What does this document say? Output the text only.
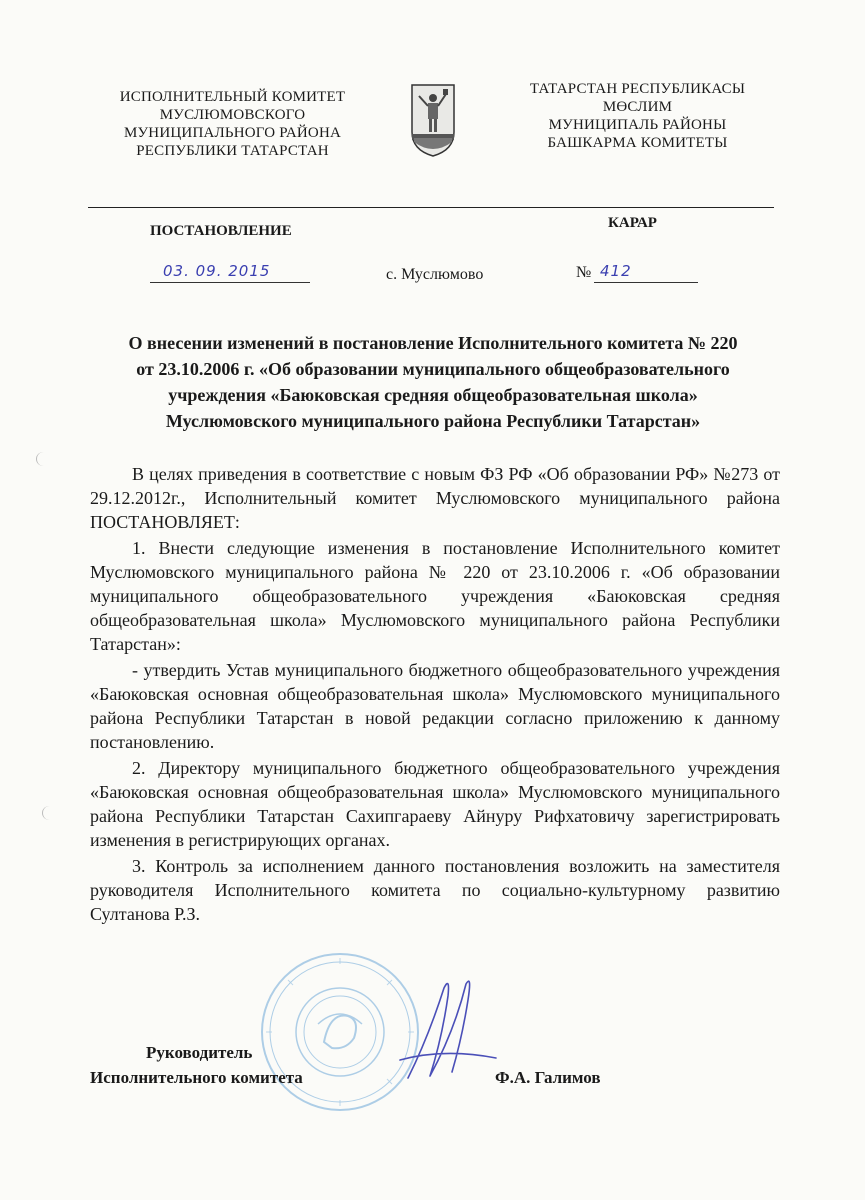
ИСПОЛНИТЕЛЬНЫЙ КОМИТЕТ
МУСЛЮМОВСКОГО
МУНИЦИПАЛЬНОГО РАЙОНА
РЕСПУБЛИКИ ТАТАРСТАН
ТАТАРСТАН РЕСПУБЛИКАСЫ
МӨСЛИМ
МУНИЦИПАЛЬ РАЙОНЫ
БАШКАРМА КОМИТЕТЫ
ПОСТАНОВЛЕНИЕ	КАРАР
03. 09. 2015	с. Муслюмово	№ 412
О внесении изменений в постановление Исполнительного комитета № 220
от 23.10.2006 г. «Об образовании муниципального общеобразовательного
учреждения «Баюковская средняя общеобразовательная школа»
Муслюмовского муниципального района Республики Татарстан»

В целях приведения в соответствие с новым ФЗ РФ «Об образовании РФ» №273 от 29.12.2012г., Исполнительный комитет Муслюмовского муниципального района ПОСТАНОВЛЯЕТ:

1. Внести следующие изменения в постановление Исполнительного комитет Муслюмовского муниципального района № 220 от 23.10.2006 г. «Об образовании муниципального общеобразовательного учреждения «Баюковская средняя общеобразовательная школа» Муслюмовского муниципального района Республики Татарстан»:

- утвердить Устав муниципального бюджетного общеобразовательного учреждения «Баюковская основная общеобразовательная школа» Муслюмовского муниципального района Республики Татарстан в новой редакции согласно приложению к данному постановлению.

2. Директору муниципального бюджетного общеобразовательного учреждения «Баюковская основная общеобразовательная школа» Муслюмовского муниципального района Республики Татарстан Сахипгараеву Айнуру Рифхатовичу зарегистрировать изменения в регистрирующих органах.

3. Контроль за исполнением данного постановления возложить на заместителя руководителя Исполнительного комитета по социально-культурному развитию Султанова Р.З.

Руководитель
Исполнительного комитета	Ф.А. Галимов
